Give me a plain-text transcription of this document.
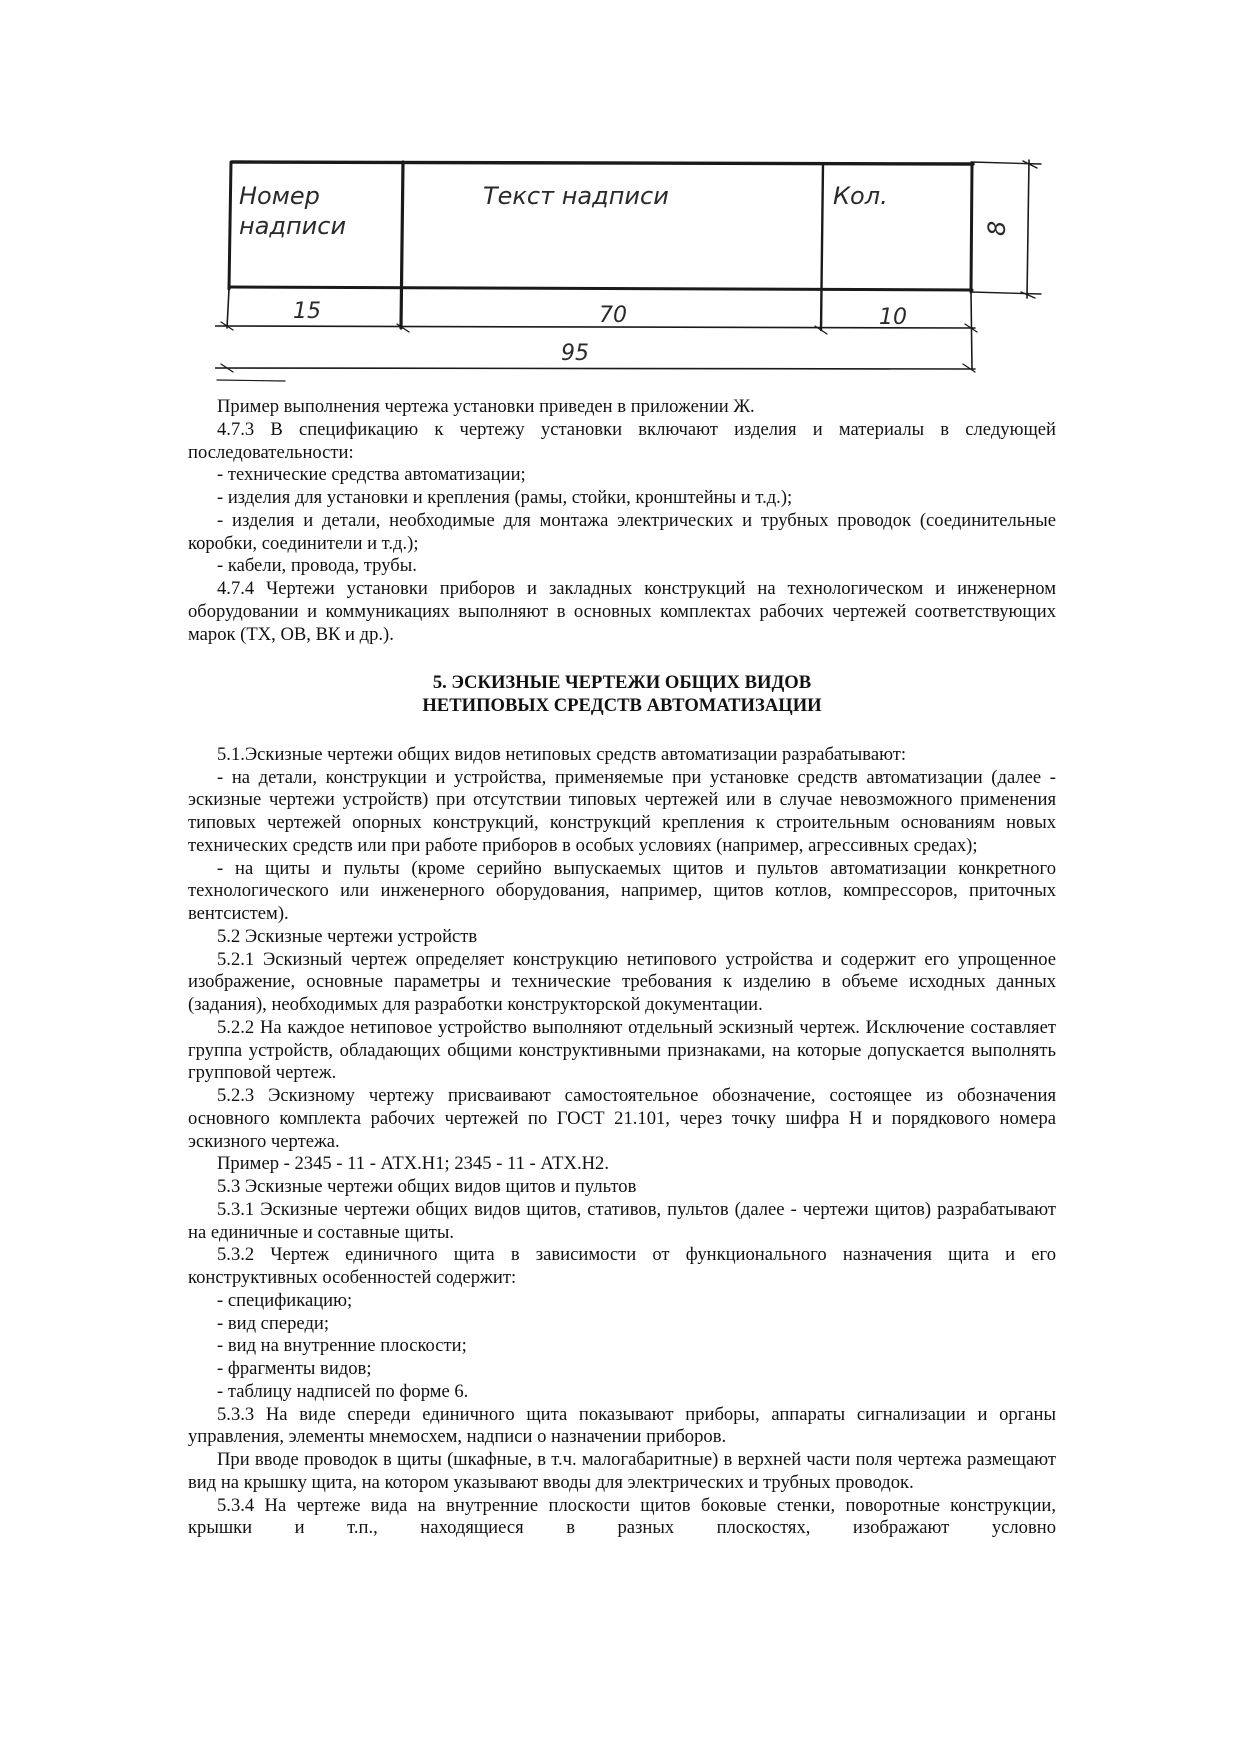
Номер
надписи
Текст надписи	Кол.
8
15	70	10
95

Пример выполнения чертежа установки приведен в приложении Ж.

4.7.3 В спецификацию к чертежу установки включают изделия и материалы в следующей последовательности:

- технические средства автоматизации;

- изделия для установки и крепления (рамы, стойки, кронштейны и т.д.);

- изделия и детали, необходимые для монтажа электрических и трубных проводок (соединительные коробки, соединители и т.д.);

- кабели, провода, трубы.

4.7.4 Чертежи установки приборов и закладных конструкций на технологическом и инженерном оборудовании и коммуникациях выполняют в основных комплектах рабочих чертежей соответствующих марок (ТХ, ОВ, ВК и др.).

5. ЭСКИЗНЫЕ ЧЕРТЕЖИ ОБЩИХ ВИДОВ
НЕТИПОВЫХ СРЕДСТВ АВТОМАТИЗАЦИИ

5.1.Эскизные чертежи общих видов нетиповых средств автоматизации разрабатывают:

- на детали, конструкции и устройства, применяемые при установке средств автоматизации (далее - эскизные чертежи устройств) при отсутствии типовых чертежей или в случае невозможного применения типовых чертежей опорных конструкций, конструкций крепления к строительным основаниям новых технических средств или при работе приборов в особых условиях (например, агрессивных средах);

- на щиты и пульты (кроме серийно выпускаемых щитов и пультов автоматизации конкретного технологического или инженерного оборудования, например, щитов котлов, компрессоров, приточных вентсистем).

5.2 Эскизные чертежи устройств

5.2.1 Эскизный чертеж определяет конструкцию нетипового устройства и содержит его упрощенное изображение, основные параметры и технические требования к изделию в объеме исходных данных (задания), необходимых для разработки конструкторской документации.

5.2.2 На каждое нетиповое устройство выполняют отдельный эскизный чертеж. Исключение составляет группа устройств, обладающих общими конструктивными признаками, на которые допускается выполнять групповой чертеж.

5.2.3 Эскизному чертежу присваивают самостоятельное обозначение, состоящее из обозначения основного комплекта рабочих чертежей по ГОСТ 21.101, через точку шифра Н и порядкового номера эскизного чертежа.

Пример - 2345 - 11 - АТХ.Н1; 2345 - 11 - АТХ.Н2.

5.3 Эскизные чертежи общих видов щитов и пультов

5.3.1 Эскизные чертежи общих видов щитов, стативов, пультов (далее - чертежи щитов) разрабатывают на единичные и составные щиты.

5.3.2 Чертеж единичного щита в зависимости от функционального назначения щита и его конструктивных особенностей содержит:

- спецификацию;

- вид спереди;

- вид на внутренние плоскости;

- фрагменты видов;

- таблицу надписей по форме 6.

5.3.3 На виде спереди единичного щита показывают приборы, аппараты сигнализации и органы управления, элементы мнемосхем, надписи о назначении приборов.

При вводе проводок в щиты (шкафные, в т.ч. малогабаритные) в верхней части поля чертежа размещают вид на крышку щита, на котором указывают вводы для электрических и трубных проводок.

5.3.4 На чертеже вида на внутренние плоскости щитов боковые стенки, поворотные конструкции, крышки и т.п., находящиеся в разных плоскостях, изображают условно
